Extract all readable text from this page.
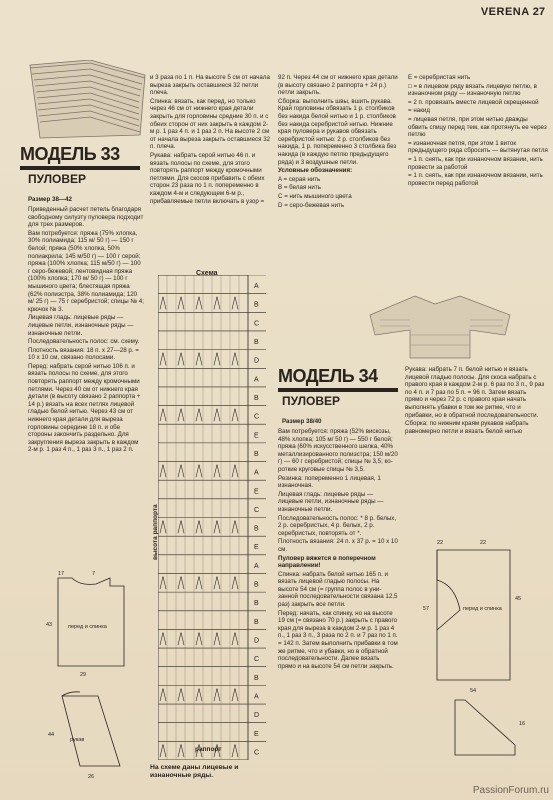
VERENA 27
МОДЕЛЬ 33
ПУЛОВЕР
Размер 38—42

Приведенный расчет петель благодаря свободному силуэту пуловера подходит для трех размеров.

Вам потребуется: пряжа (75% хлопка, 30% полиамида; 115 м/ 50 г) — 150 г белой; пряжа (50% хлопка, 50% полиакрила; 145 м/50 г) — 100 г серой; пряжа (100% хлопка; 115 м/50 г) — 100 г серо-бежевой; лентовидная пряжа (100% хлопка; 170 м/ 50 г) — 100 г мышиного цвета; блестящая пряжа (62% полиэстра, 38% полиамида; 120 м/ 25 г) — 75 г серебристой; спицы № 4; крючок № 3.

Лицевая гладь: лицевые ряды — лицевые петли, изнаночные ряды — изнаночные петли.

Последовательность полос: см. схему.

Плотность вязания: 18 п. х 27—28 р. = 10 х 10 см, связано полосами.

Перед: набрать серой нитью 106 п. и вязать полосы по схеме, для этого повторять раппорт между кромочными петлями. Через 40 см от нижнего края детали (в высоту связано 2 раппорта + 14 р.) вязать на всех петлях лицевой гладью белой нитью. Через 43 см от нижнего края детали для выреза горловины середине 18 п. и обе стороны закончить раздельно. Для закругления выреза закрыть в каждом 2-м р. 1 раз 4 п., 1 раз 3 п., 1 раз 2 п.

и 3 раза по 1 п. На высоте 5 см от начала выреза закрыть оставшиеся 32 петли плеча.

Спинка: вязать, как перед, но только через 46 см от нижнего края детали закрыть для горловины средние 30 п. и с обеих сторон от них закрыть в каждом 2-м р. 1 раз 4 п. и 1 раз 2 п. На высоте 2 см от начала выреза закрыть оставшиеся 32 п. плеча.

Рукава: набрать серой нитью 46 п. и вязать полосы по схеме, для этого повторять раппорт между кромочными петлями. Для скосов прибавить с обеих сторон 23 раза по 1 п. попеременно в каждом 4-м и следующем 6-м р., прибавляемые петли включать в узор =

92 п. Через 44 см от нижнего края детали (в высоту связано 2 раппорта + 24 р.) петли закрыть.

Сборка: выполнить швы, вшить рукава. Край горловины обвязать 1 р. столбиков без накида белой нитью и 1 р. столбиков без накида серебристой нитью. Нижние края пуловера и рукавов обвязать серебристой нитью: 2 р. столбиков без накида, 1 р. попеременно 3 столбика без накида (в каждую петлю предыдущего ряда) и 3 воздушные петли.

Условные обозначения:

A = серая нить

B = белая нить

C = нить мышиного цвета

D = серо-бежевая нить

E = серебристая нить

□ = в лицевом ряду вязать лицевую петлю, в изнаночном ряду — изнаночную петлю

= 2 п. провязать вместе лицевой скрещенной

= накид

= лицевая петля, при этом нитью дважды обвить спицу перед тем, как протянуть ее через петлю

= изнаночная петля, при этом 1 виток предыдущего ряда сбросить — вытянутая петля

= 1 п. снять, как при изнаночном вязании, нить провести за работой

= 1 п. снять, как при изнаночном вязании, нить провести перед работой

Схема
A
B
C
B
D
A
B
C
E
B
A
E
C
B
E
A
B
B
B
D
C
B
A
D
E
C
высота раппорта
раппорт
На схеме даны лицевые и изнаночные ряды.
17	7
43	перед и спинка
29
44
рукав
26
МОДЕЛЬ 34
ПУЛОВЕР
Размер 38/40

Вам потребуется: пряжа (52% вискозы, 48% хлопка; 105 м/ 50 г) — 550 г белой; пряжа (60% искусственного шелка, 40% металлизированного полиэстра; 150 м/20 г) — 60 г серебристой; спицы № 3,5; короткие круговые спицы № 3,5.

Резинка: попеременно 1 лицевая, 1 изнаночная.

Лицевая гладь: лицевые ряды — лицевые петли, изнаночные ряды — изнаночные петли.

Последовательность полос: * 8 р. белых, 2 р. серебристых, 4 р. белых, 2 р. серебристых, повторять от *.

Плотность вязания: 24 п. х 37 р. = 10 х 10 см.

Пуловер вяжется в поперечном направлении!

Спинка: набрать белой нитью 165 п. и вязать лицевой гладью полосы. На высоте 54 см (= группа полос в унизанной последовательности связана 12,5 раз) закрыть все петли.

Перед: начать, как спинку, но на высоте 19 см (= связано 70 р.) закрыть с правого края для выреза в каждом 2-м р. 1 раз 4 п., 1 раз 3 п., 3 раза по 2 п. и 7 раз по 1 п. = 142 п. Затем выполнить прибавки в том же ритме, что и убавки, но в обратной последовательности. Далее вязать прямо и на высоте 54 см петли закрыть.

Рукава: набрать 7 п. белой нитью и вязать лицевой гладью полосы. Для скоса набрать с правого края в каждом 2-м р. 6 раз по 3 п., 9 раз по 4 п. и 7 раз по 5 п. = 96 п. Затем вязать прямо и через 72 р. с правого края начать выполнять убавки в том же ритме, что и прибавки, но в обратной последовательности.

Сборка: по нижним краям рукавов набрать равномерно петли и вязать белой нитью

22	22
57
45
перед и спинка
54
16
PassionForum.ru
